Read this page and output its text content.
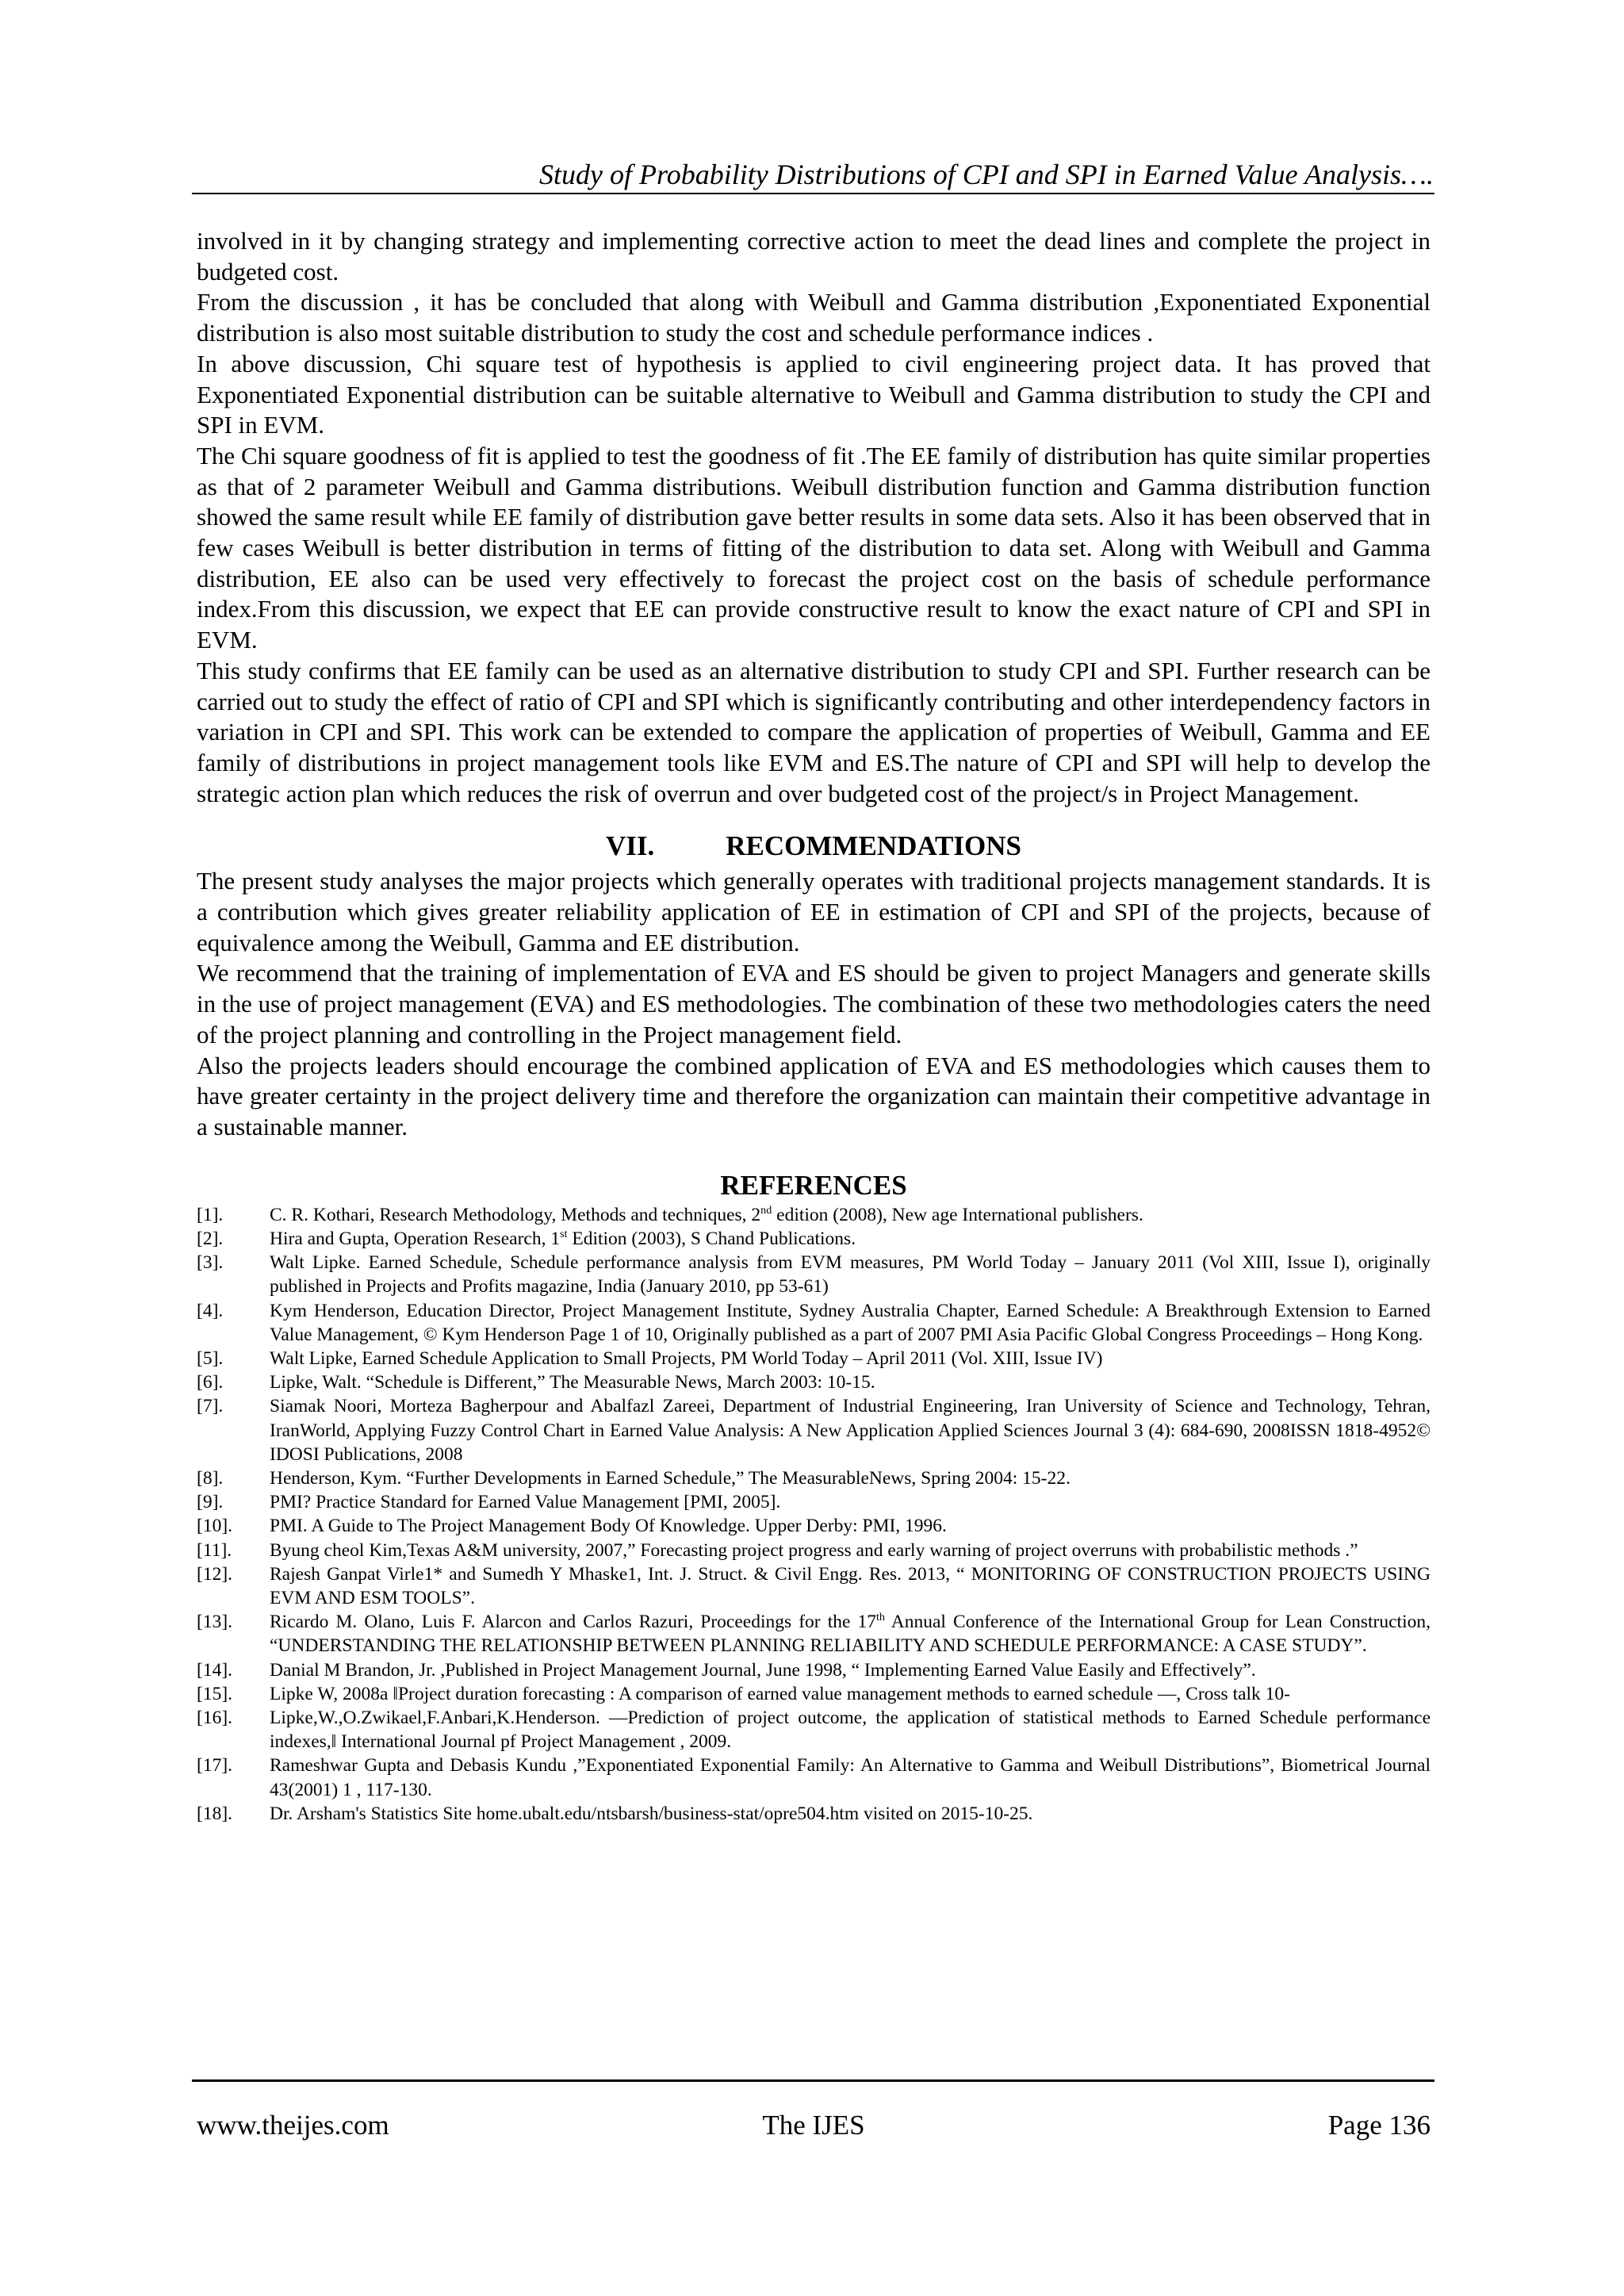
Study of Probability Distributions of CPI and SPI in Earned Value Analysis….

involved in it by changing strategy and implementing corrective action to meet the dead lines and complete the project in budgeted cost.

From the discussion , it has be concluded that along with Weibull and Gamma distribution ,Exponentiated Exponential distribution is also most suitable distribution to study the cost and schedule performance indices .

In above discussion, Chi square test of hypothesis is applied to civil engineering project data. It has proved that Exponentiated Exponential distribution can be suitable alternative to Weibull and Gamma distribution to study the CPI and SPI in EVM.

The Chi square goodness of fit is applied to test the goodness of fit .The EE family of distribution has quite similar properties as that of 2 parameter Weibull and Gamma distributions. Weibull distribution function and Gamma distribution function showed the same result while EE family of distribution gave better results in some data sets. Also it has been observed that in few cases Weibull is better distribution in terms of fitting of the distribution to data set. Along with Weibull and Gamma distribution, EE also can be used very effectively to forecast the project cost on the basis of schedule performance index.From this discussion, we expect that EE can provide constructive result to know the exact nature of CPI and SPI in EVM.

This study confirms that EE family can be used as an alternative distribution to study CPI and SPI. Further research can be carried out to study the effect of ratio of CPI and SPI which is significantly contributing and other interdependency factors in variation in CPI and SPI. This work can be extended to compare the application of properties of Weibull, Gamma and EE family of distributions in project management tools like EVM and ES.The nature of CPI and SPI will help to develop the strategic action plan which reduces the risk of overrun and over budgeted cost of the project/s in Project Management.

VII.	RECOMMENDATIONS

The present study analyses the major projects which generally operates with traditional projects management standards. It is a contribution which gives greater reliability application of EE in estimation of CPI and SPI of the projects, because of equivalence among the Weibull, Gamma and EE distribution.

We recommend that the training of implementation of EVA and ES should be given to project Managers and generate skills in the use of project management (EVA) and ES methodologies. The combination of these two methodologies caters the need of the project planning and controlling in the Project management field.

Also the projects leaders should encourage the combined application of EVA and ES methodologies which causes them to have greater certainty in the project delivery time and therefore the organization can maintain their competitive advantage in a sustainable manner.

REFERENCES
[1]. C. R. Kothari, Research Methodology, Methods and techniques, 2nd edition (2008), New age International publishers.
[2]. Hira and Gupta, Operation Research, 1st Edition (2003), S Chand Publications.
[3]. Walt Lipke. Earned Schedule, Schedule performance analysis from EVM measures, PM World Today – January 2011 (Vol XIII, Issue I), originally published in Projects and Profits magazine, India (January 2010, pp 53-61)
[4]. Kym Henderson, Education Director, Project Management Institute, Sydney Australia Chapter, Earned Schedule: A Breakthrough Extension to Earned Value Management, © Kym Henderson Page 1 of 10, Originally published as a part of 2007 PMI Asia Pacific Global Congress Proceedings – Hong Kong.
[5]. Walt Lipke, Earned Schedule Application to Small Projects, PM World Today – April 2011 (Vol. XIII, Issue IV)
[6]. Lipke, Walt. “Schedule is Different,” The Measurable News, March 2003: 10-15.
[7]. Siamak Noori, Morteza Bagherpour and Abalfazl Zareei, Department of Industrial Engineering, Iran University of Science and Technology, Tehran, IranWorld, Applying Fuzzy Control Chart in Earned Value Analysis: A New Application Applied Sciences Journal 3 (4): 684-690, 2008ISSN 1818-4952© IDOSI Publications, 2008
[8]. Henderson, Kym. “Further Developments in Earned Schedule,” The MeasurableNews, Spring 2004: 15-22.
[9]. PMI? Practice Standard for Earned Value Management [PMI, 2005].
[10]. PMI. A Guide to The Project Management Body Of Knowledge. Upper Derby: PMI, 1996.
[11]. Byung cheol Kim,Texas A&M university, 2007,” Forecasting project progress and early warning of project overruns with probabilistic methods .”
[12]. Rajesh Ganpat Virle1* and Sumedh Y Mhaske1, Int. J. Struct. & Civil Engg. Res. 2013, “ MONITORING OF CONSTRUCTION PROJECTS USING EVM AND ESM TOOLS”.
[13]. Ricardo M. Olano, Luis F. Alarcon and Carlos Razuri, Proceedings for the 17th Annual Conference of the International Group for Lean Construction, “UNDERSTANDING THE RELATIONSHIP BETWEEN PLANNING RELIABILITY AND SCHEDULE PERFORMANCE: A CASE STUDY”.
[14]. Danial M Brandon, Jr. ,Published in Project Management Journal, June 1998, “ Implementing Earned Value Easily and Effectively”.
[15]. Lipke W, 2008a ‖Project duration forecasting : A comparison of earned value management methods to earned schedule ―, Cross talk 10-
[16]. Lipke,W.,O.Zwikael,F.Anbari,K.Henderson. ―Prediction of project outcome, the application of statistical methods to Earned Schedule performance indexes,‖ International Journal pf Project Management , 2009.
[17]. Rameshwar Gupta and Debasis Kundu ,”Exponentiated Exponential Family: An Alternative to Gamma and Weibull Distributions”, Biometrical Journal 43(2001) 1 , 117-130.
[18]. Dr. Arsham's Statistics Site home.ubalt.edu/ntsbarsh/business-stat/opre504.htm visited on 2015-10-25.
www.theijes.com	The IJES	Page 136
